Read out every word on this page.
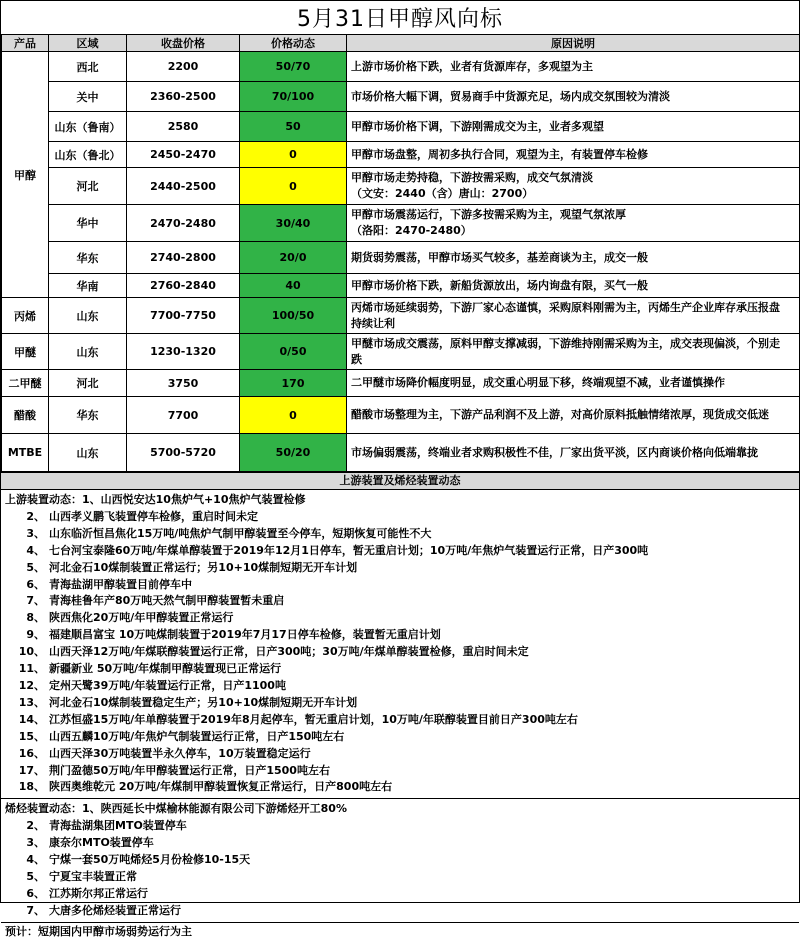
5月31日甲醇风向标
产品	区域	收盘价格	价格动态	原因说明
甲醇	西北	2200	50/70	上游市场价格下跌，业者有货源库存，多观望为主

	关中	2360-2500	70/100	市场价格大幅下调，贸易商手中货源充足，场内成交氛围较为清淡

	山东（鲁南）	2580	50	甲醇市场价格下调，下游刚需成交为主，业者多观望

	山东（鲁北）	2450-2470	0	甲醇市场盘整，周初多执行合同，观望为主，有装置停车检修

	河北	2440-2500	0	甲醇市场走势持稳，下游按需采购，成交气氛清淡
（文安：2440（含）唐山：2700）

	华中	2470-2480	30/40	甲醇市场震荡运行，下游多按需采购为主，观望气氛浓厚
（洛阳：2470-2480）

	华东	2740-2800	20/0	期货弱势震荡，甲醇市场买气较多，基差商谈为主，成交一般

	华南	2760-2840	40	甲醇市场价格下跌，新船货源放出，场内询盘有限，买气一般

丙烯	山东	7700-7750	100/50	丙烯市场延续弱势，下游厂家心态谨慎，采购原料刚需为主，丙烯生产企业库存承压报盘
持续让利

甲醚	山东	1230-1320	0/50	甲醚市场成交震荡，原料甲醇支撑减弱，下游维持刚需采购为主，成交表现偏淡，个别走
跌

二甲醚	河北	3750	170	二甲醚市场降价幅度明显，成交重心明显下移，终端观望不减，业者谨慎操作

醋酸	华东	7700	0	醋酸市场整理为主，下游产品利润不及上游，对高价原料抵触情绪浓厚，现货成交低迷

MTBE	山东	5700-5720	50/20	市场偏弱震荡，终端业者求购积极性不佳，厂家出货平淡，区内商谈价格向低端靠拢
上游装置及烯烃装置动态
上游装置动态：1、山西悦安达10焦炉气+10焦炉气装置检修
2、 山西孝义鹏飞装置停车检修，重启时间未定
3、 山东临沂恒昌焦化15万吨/吨焦炉气制甲醇装置至今停车，短期恢复可能性不大
4、 七台河宝泰隆60万吨/年煤单醇装置于2019年12月1日停车，暂无重启计划；10万吨/年焦炉气装置运行正常，日产300吨
5、 河北金石10煤制装置正常运行；另10+10煤制短期无开车计划
6、 青海盐湖甲醇装置目前停车中
7、 青海桂鲁年产80万吨天然气制甲醇装置暂未重启
8、 陕西焦化20万吨/年甲醇装置正常运行
9、 福建顺昌富宝 10万吨煤制装置于2019年7月17日停车检修，装置暂无重启计划
10、 山西天泽12万吨/年煤联醇装置运行正常，日产300吨；30万吨/年煤单醇装置检修，重启时间未定
11、 新疆新业 50万吨/年煤制甲醇装置现已正常运行
12、 定州天鹭39万吨/年装置运行正常，日产1100吨
13、 河北金石10煤制装置稳定生产；另10+10煤制短期无开车计划
14、 江苏恒盛15万吨/年单醇装置于2019年8月起停车，暂无重启计划，10万吨/年联醇装置目前日产300吨左右
15、 山西五麟10万吨/年焦炉气制装置运行正常，日产150吨左右
16、 山西天泽30万吨装置半永久停车，10万装置稳定运行
17、 荆门盈德50万吨/年甲醇装置运行正常，日产1500吨左右
18、 陕西奥维乾元 20万吨/年煤制甲醇装置恢复正常运行，日产800吨左右
烯烃装置动态：1、陕西延长中煤榆林能源有限公司下游烯烃开工80%
2、 青海盐湖集团MTO装置停车
3、 康奈尔MTO装置停车
4、 宁煤一套50万吨烯烃5月份检修10-15天
5、 宁夏宝丰装置正常
6、 江苏斯尔邦正常运行
7、 大唐多伦烯烃装置正常运行
预计：短期国内甲醇市场弱势运行为主
